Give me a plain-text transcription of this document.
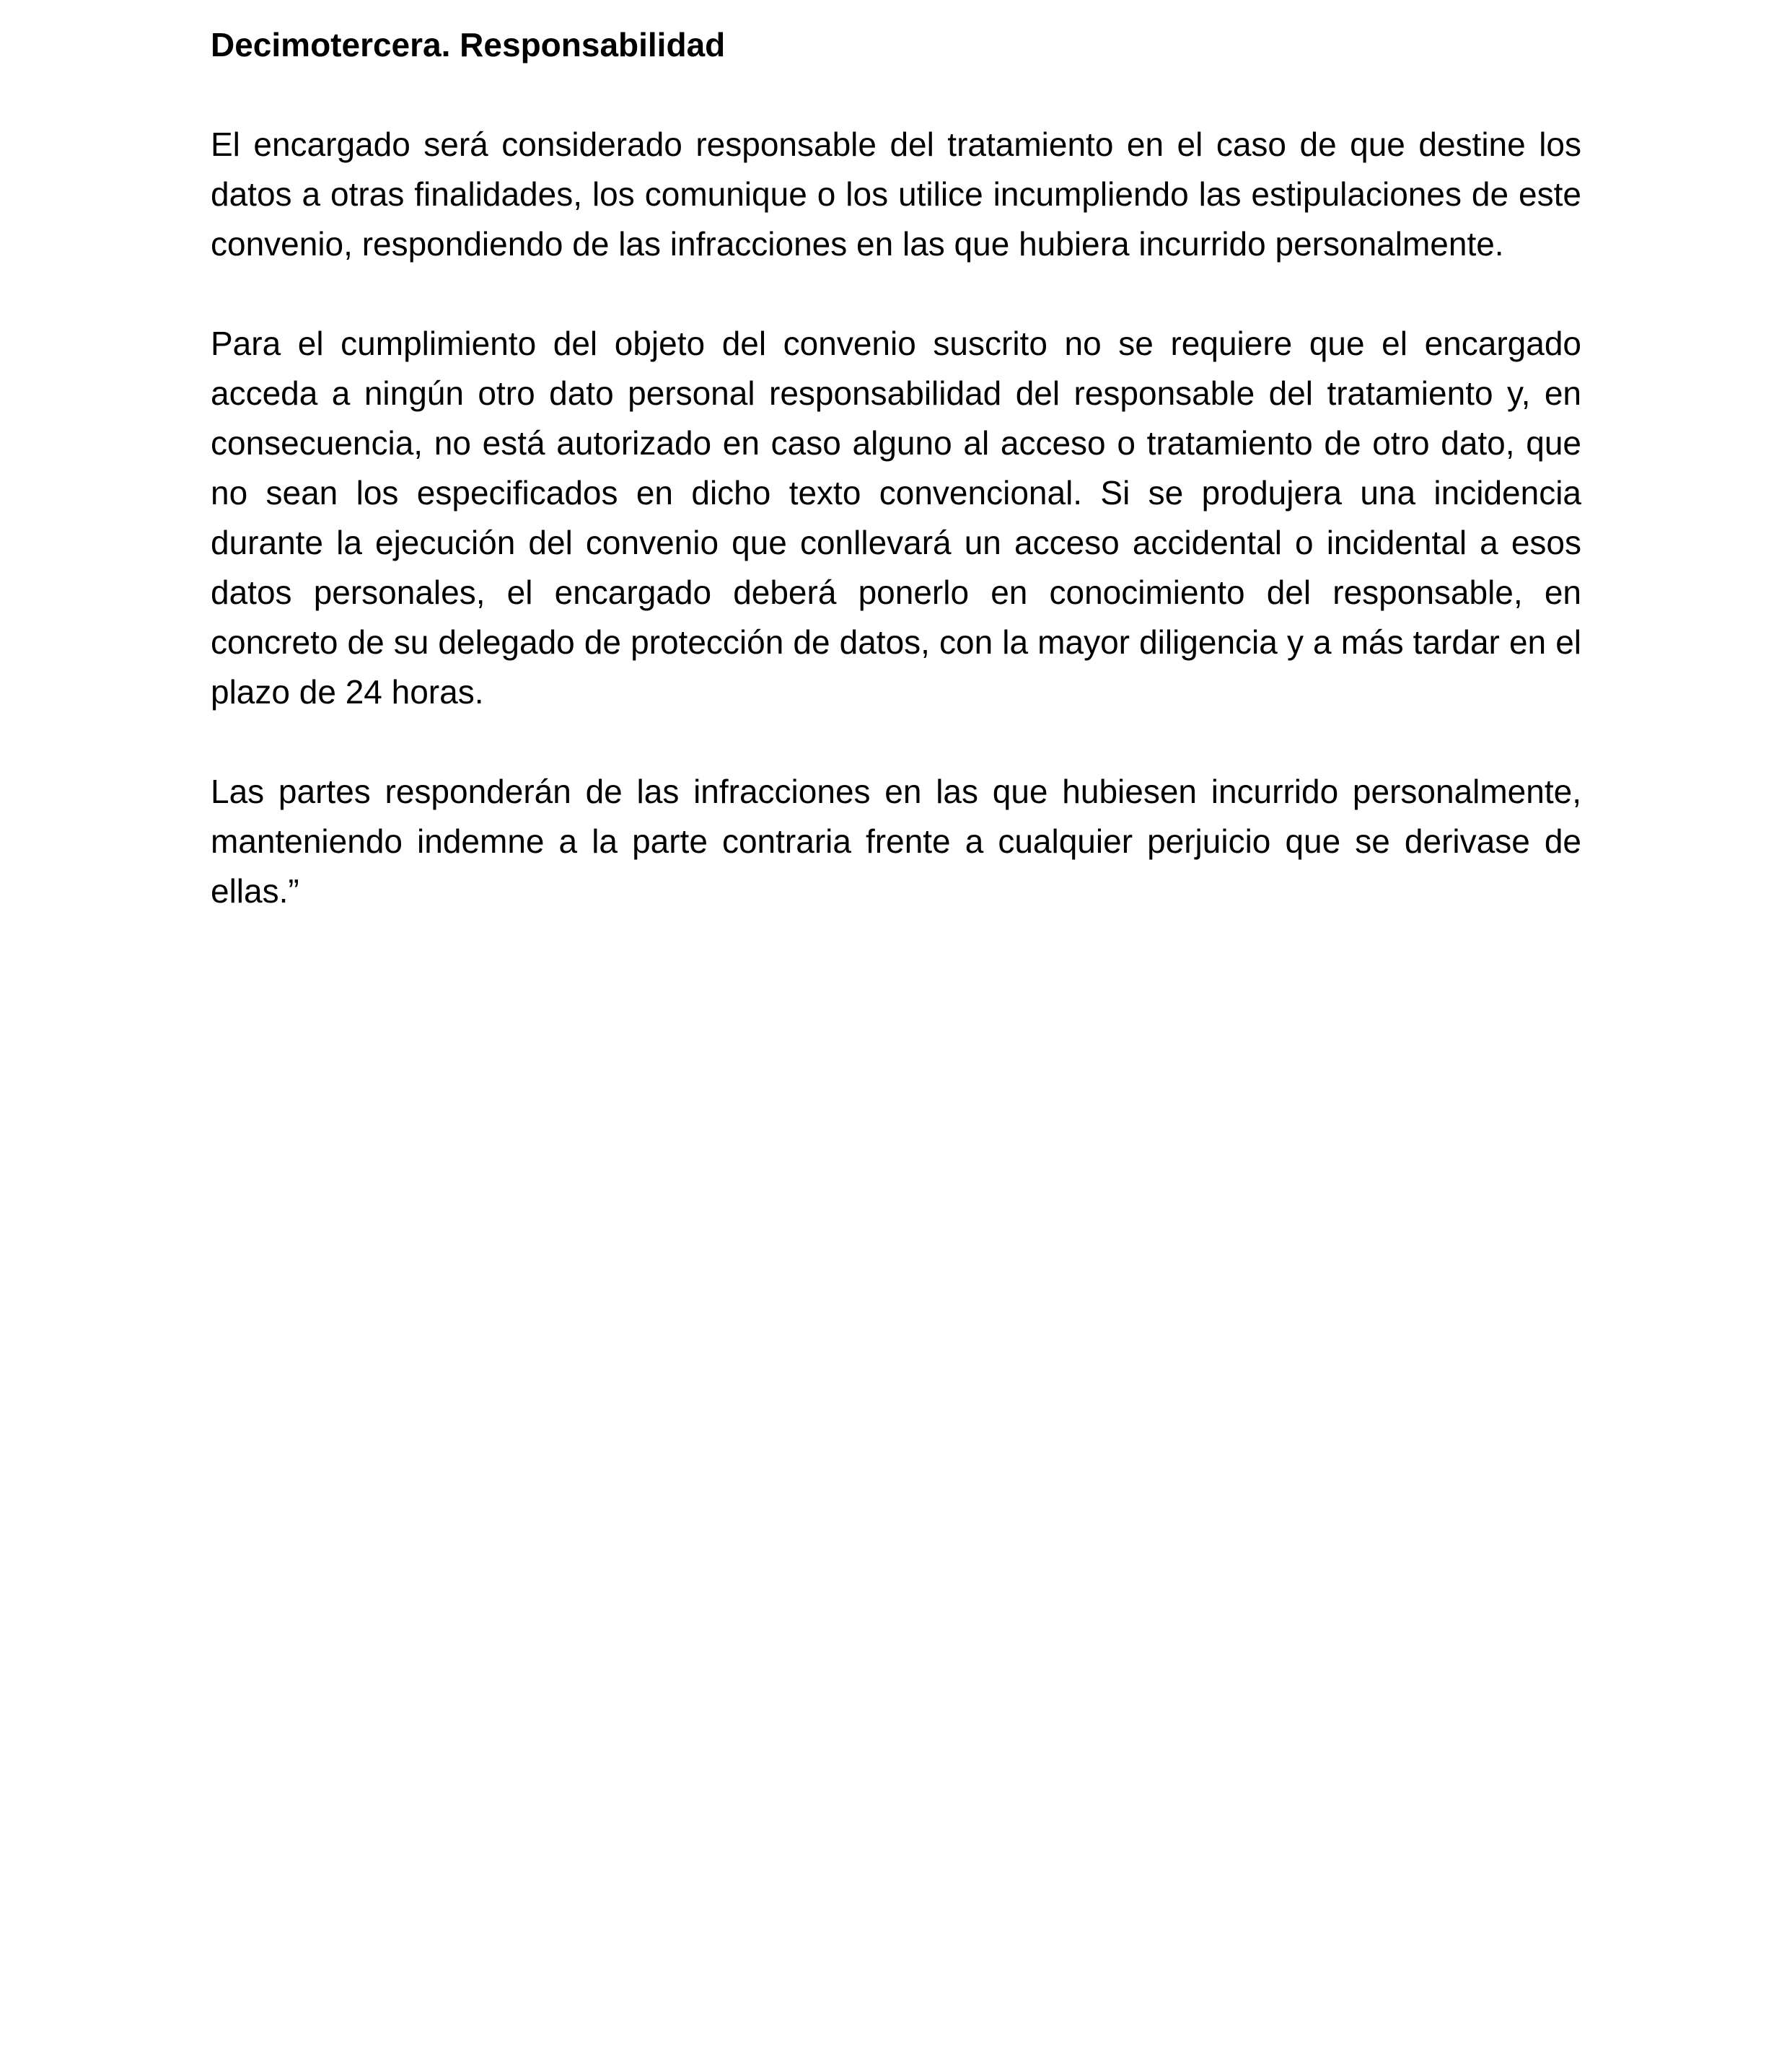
Decimotercera. Responsabilidad

El encargado será considerado responsable del tratamiento en el caso de que destine los datos a otras finalidades, los comunique o los utilice incumpliendo las estipulaciones de este convenio, respondiendo de las infracciones en las que hubiera incurrido personalmente.

Para el cumplimiento del objeto del convenio suscrito no se requiere que el encargado acceda a ningún otro dato personal responsabilidad del responsable del tratamiento y, en consecuencia, no está autorizado en caso alguno al acceso o tratamiento de otro dato, que no sean los especificados en dicho texto convencional. Si se produjera una incidencia durante la ejecución del convenio que conllevará un acceso accidental o incidental a esos datos personales, el encargado deberá ponerlo en conocimiento del responsable, en concreto de su delegado de protección de datos, con la mayor diligencia y a más tardar en el plazo de 24 horas.

Las partes responderán de las infracciones en las que hubiesen incurrido personalmente, manteniendo indemne a la parte contraria frente a cualquier perjuicio que se derivase de ellas.”
